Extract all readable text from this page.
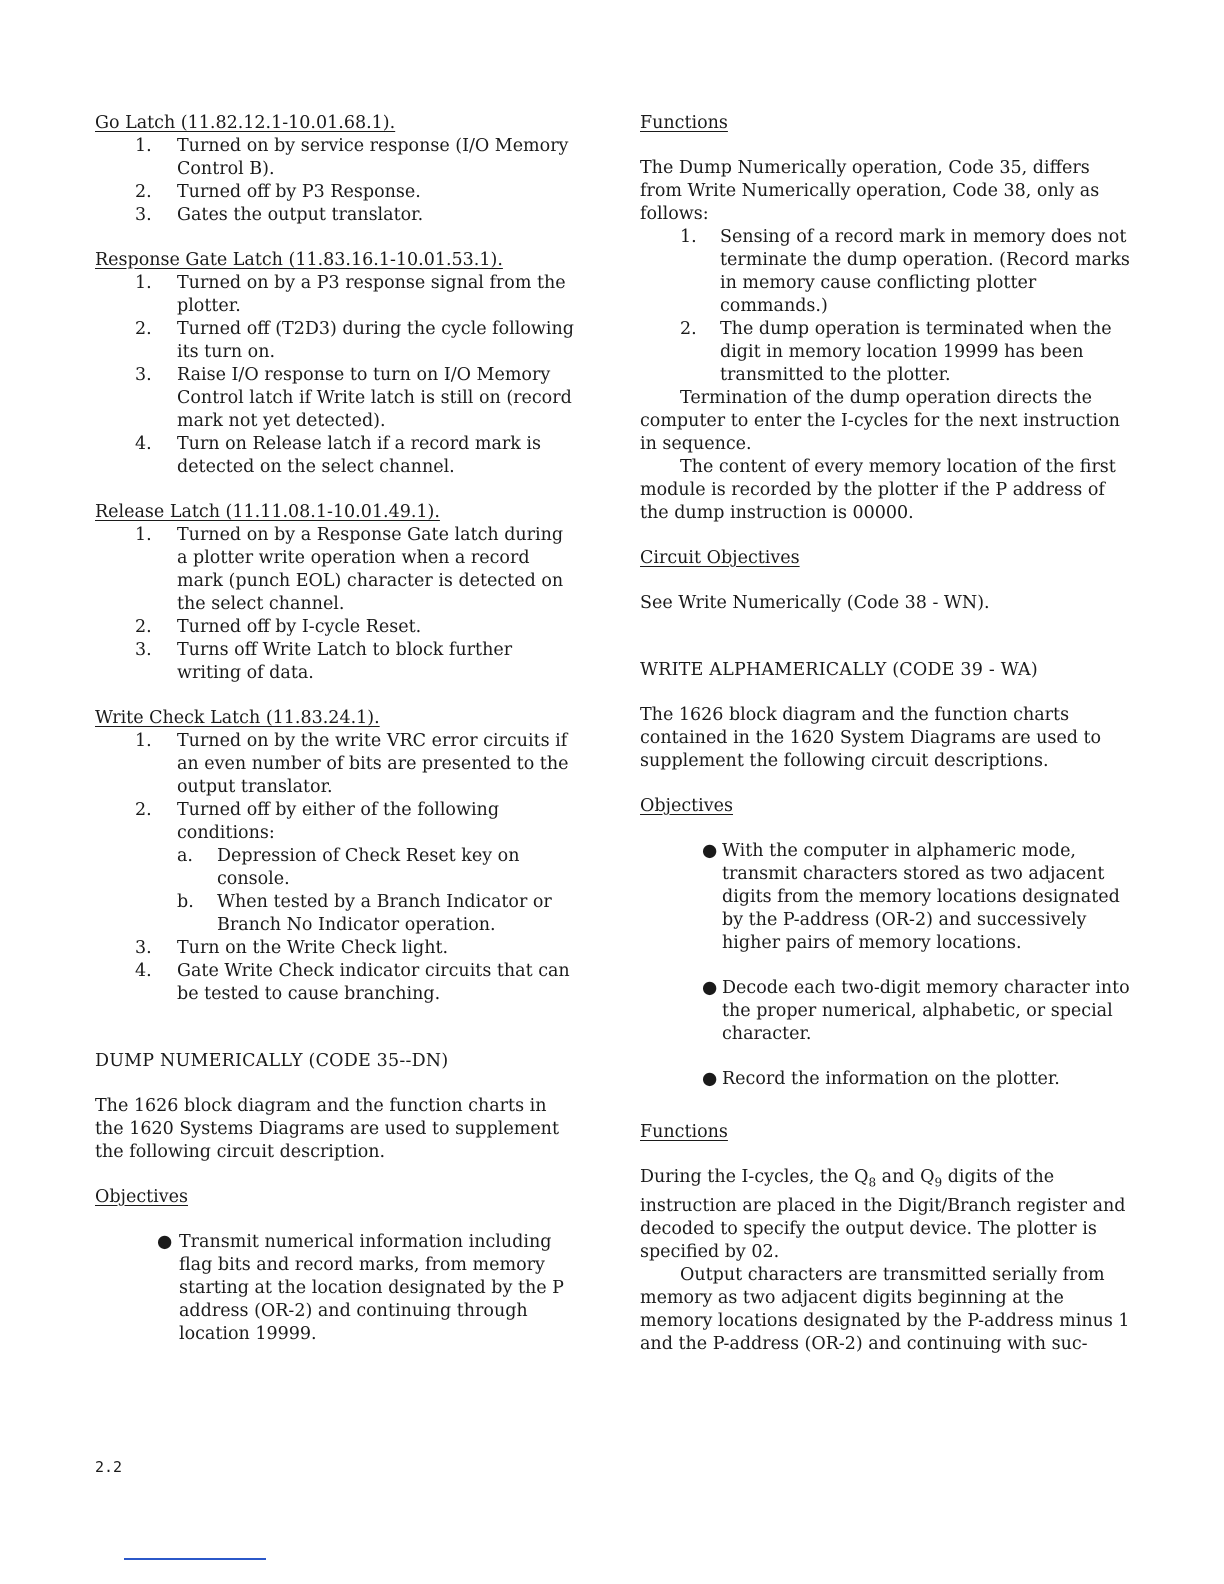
Go Latch (11.82.12.1-10.01.68.1).
1. Turned on by service response (I/O Memory Control B).
2. Turned off by P3 Response.
3. Gates the output translator.
Response Gate Latch (11.83.16.1-10.01.53.1).
1. Turned on by a P3 response signal from the plotter.
2. Turned off (T2D3) during the cycle following its turn on.
3. Raise I/O response to turn on I/O Memory Control latch if Write latch is still on (record mark not yet detected).
4. Turn on Release latch if a record mark is detected on the select channel.
Release Latch (11.11.08.1-10.01.49.1).
1. Turned on by a Response Gate latch during a plotter write operation when a record mark (punch EOL) character is detected on the select channel.
2. Turned off by I-cycle Reset.
3. Turns off Write Latch to block further writing of data.
Write Check Latch (11.83.24.1).
1. Turned on by the write VRC error circuits if an even number of bits are presented to the output translator.
2. Turned off by either of the following conditions:
a. Depression of Check Reset key on console.
b. When tested by a Branch Indicator or Branch No Indicator operation.
3. Turn on the Write Check light.
4. Gate Write Check indicator circuits that can be tested to cause branching.

DUMP NUMERICALLY (CODE 35--DN)

The 1626 block diagram and the function charts in the 1620 Systems Diagrams are used to supplement the following circuit description.

Objectives
● Transmit numerical information including flag bits and record marks, from memory starting at the location designated by the P address (OR-2) and continuing through location 19999.
Functions

The Dump Numerically operation, Code 35, differs from Write Numerically operation, Code 38, only as follows:

1. Sensing of a record mark in memory does not terminate the dump operation. (Record marks in memory cause conflicting plotter commands.)
2. The dump operation is terminated when the digit in memory location 19999 has been transmitted to the plotter.

Termination of the dump operation directs the computer to enter the I-cycles for the next instruction in sequence.

The content of every memory location of the first module is recorded by the plotter if the P address of the dump instruction is 00000.

Circuit Objectives

See Write Numerically (Code 38 - WN).

WRITE ALPHAMERICALLY (CODE 39 - WA)

The 1626 block diagram and the function charts contained in the 1620 System Diagrams are used to supplement the following circuit descriptions.

Objectives
● With the computer in alphameric mode, transmit characters stored as two adjacent digits from the memory locations designated by the P-address (OR-2) and successively higher pairs of memory locations.
● Decode each two-digit memory character into the proper numerical, alphabetic, or special character.
● Record the information on the plotter.
Functions

During the I-cycles, the $Q_8$ and $Q_9$ digits of the instruction are placed in the Digit/Branch register and decoded to specify the output device. The plotter is specified by 02.

Output characters are transmitted serially from memory as two adjacent digits beginning at the memory locations designated by the P-address minus 1 and the P-address (OR-2) and continuing with suc-

2.2
